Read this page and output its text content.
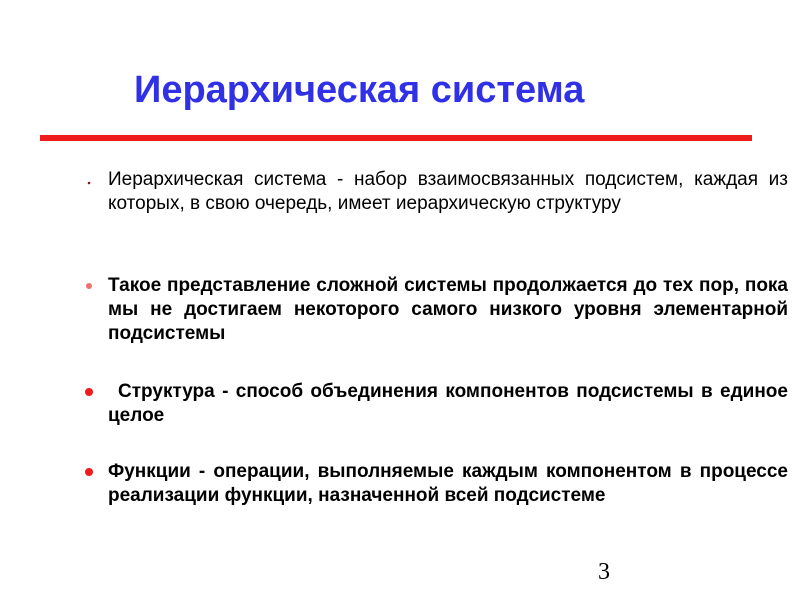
Иерархическая система

Иерархическая система - набор взаимосвязанных подсистем, каждая из которых, в свою очередь, имеет иерархическую структуру

Такое представление сложной системы продолжается до тех пор, пока мы не достигаем некоторого самого низкого уровня элементарной подсистемы

Структура - способ объединения компонентов подсистемы в единое целое

Функции - операции, выполняемые каждым компонентом в процессе реализации функции, назначенной всей подсистеме

3
